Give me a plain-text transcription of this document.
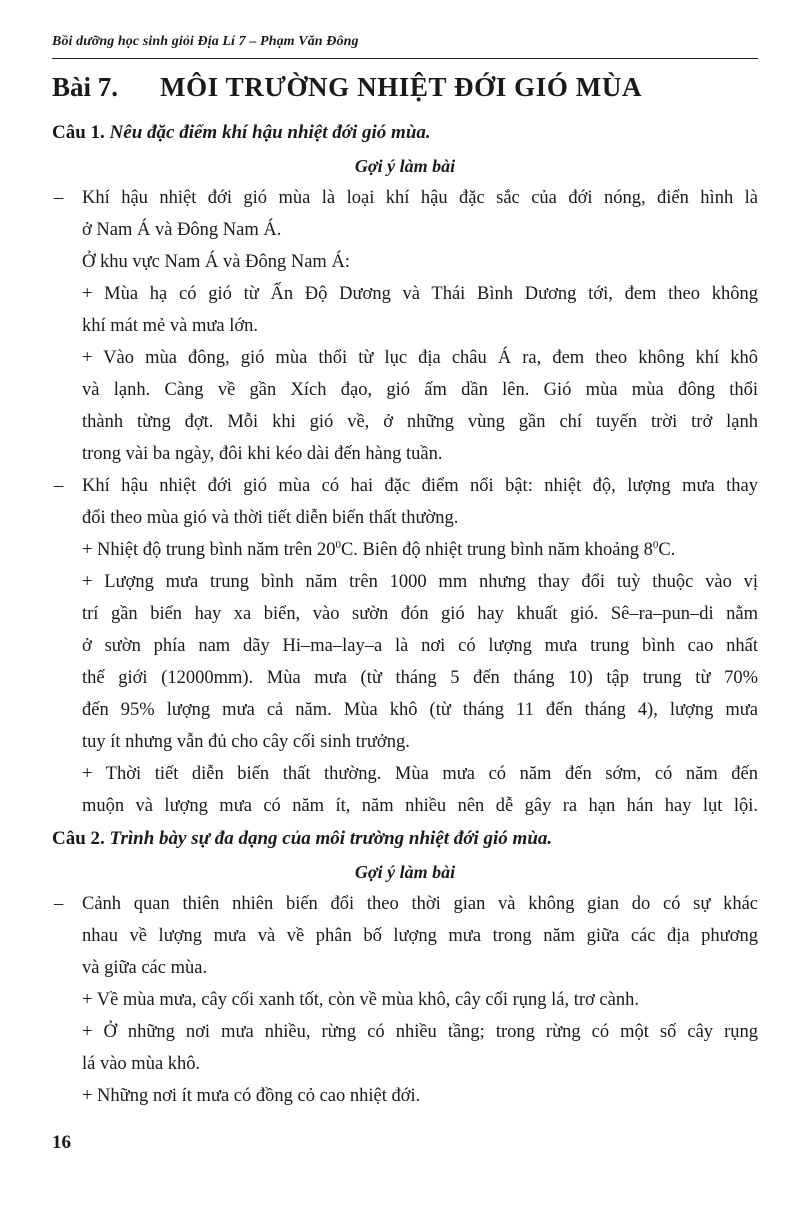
Bồi dưỡng học sinh giỏi Địa Lí 7 – Phạm Văn Đông
Bài 7. MÔI TRƯỜNG NHIỆT ĐỚI GIÓ MÙA
Câu 1. Nêu đặc điểm khí hậu nhiệt đới gió mùa.
Gợi ý làm bài
– Khí hậu nhiệt đới gió mùa là loại khí hậu đặc sắc của đới nóng, điển hình là
ở Nam Á và Đông Nam Á.
Ở khu vực Nam Á và Đông Nam Á:
+ Mùa hạ có gió từ Ấn Độ Dương và Thái Bình Dương tới, đem theo không
khí mát mẻ và mưa lớn.
+ Vào mùa đông, gió mùa thổi từ lục địa châu Á ra, đem theo không khí khô
và lạnh. Càng về gần Xích đạo, gió ấm dần lên. Gió mùa mùa đông thổi
thành từng đợt. Mỗi khi gió về, ở những vùng gần chí tuyến trời trở lạnh
trong vài ba ngày, đôi khi kéo dài đến hàng tuần.
– Khí hậu nhiệt đới gió mùa có hai đặc điểm nổi bật: nhiệt độ, lượng mưa thay
đổi theo mùa gió và thời tiết diễn biến thất thường.
+ Nhiệt độ trung bình năm trên $20^0C$. Biên độ nhiệt trung bình năm khoảng $8^0C$.
+ Lượng mưa trung bình năm trên 1000 mm nhưng thay đổi tuỳ thuộc vào vị
trí gần biển hay xa biển, vào sườn đón gió hay khuất gió. Sê–ra–pun–di nằm
ở sườn phía nam dãy Hi–ma–lay–a là nơi có lượng mưa trung bình cao nhất
thế giới (12000mm). Mùa mưa (từ tháng 5 đến tháng 10) tập trung từ 70%
đến 95% lượng mưa cả năm. Mùa khô (từ tháng 11 đến tháng 4), lượng mưa
tuy ít nhưng vẫn đủ cho cây cối sinh trưởng.
+ Thời tiết diễn biến thất thường. Mùa mưa có năm đến sớm, có năm đến
muộn và lượng mưa có năm ít, năm nhiều nên dễ gây ra hạn hán hay lụt lội.
Câu 2. Trình bày sự đa dạng của môi trường nhiệt đới gió mùa.
Gợi ý làm bài
– Cảnh quan thiên nhiên biến đổi theo thời gian và không gian do có sự khác
nhau về lượng mưa và về phân bố lượng mưa trong năm giữa các địa phương
và giữa các mùa.
+ Về mùa mưa, cây cối xanh tốt, còn về mùa khô, cây cối rụng lá, trơ cành.
+ Ở những nơi mưa nhiều, rừng có nhiều tầng; trong rừng có một số cây rụng
lá vào mùa khô.
+ Những nơi ít mưa có đồng cỏ cao nhiệt đới.
16
